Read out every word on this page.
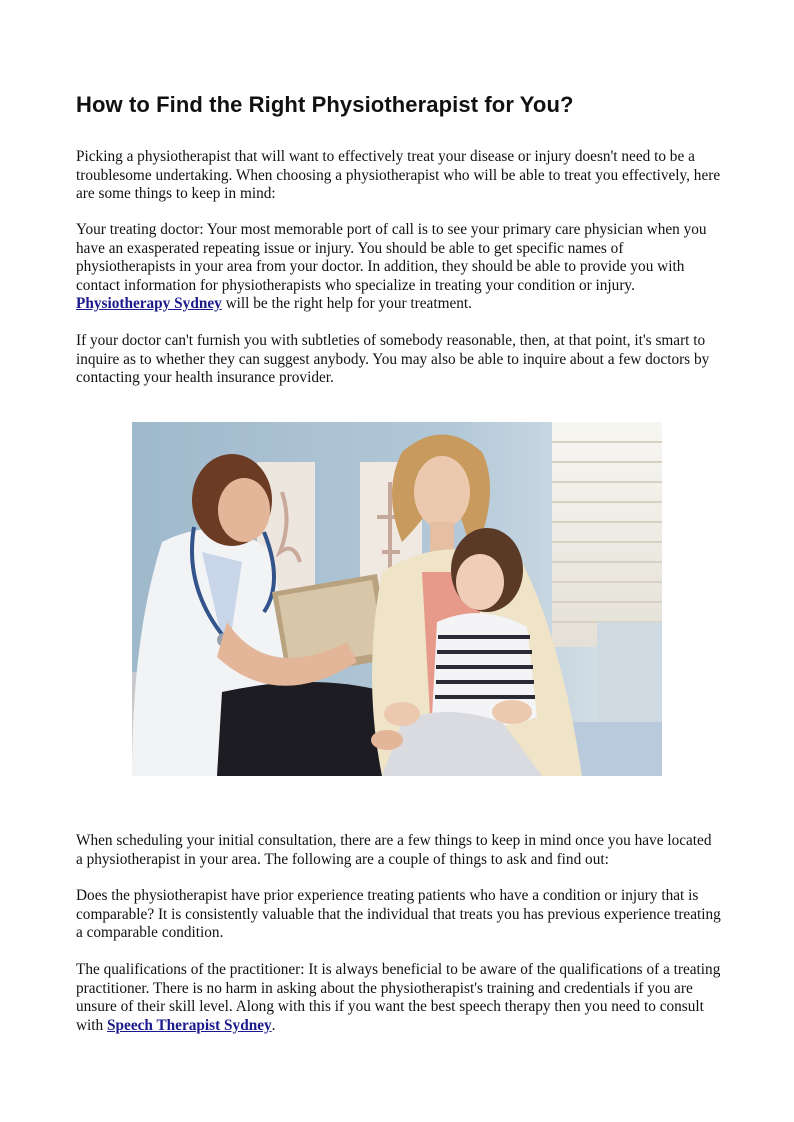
How to Find the Right Physiotherapist for You?

Picking a physiotherapist that will want to effectively treat your disease or injury doesn't need to be a troublesome undertaking. When choosing a physiotherapist who will be able to treat you effectively, here are some things to keep in mind:

Your treating doctor: Your most memorable port of call is to see your primary care physician when you have an exasperated repeating issue or injury. You should be able to get specific names of physiotherapists in your area from your doctor. In addition, they should be able to provide you with contact information for physiotherapists who specialize in treating your condition or injury. Physiotherapy Sydney will be the right help for your treatment.

If your doctor can't furnish you with subtleties of somebody reasonable, then, at that point, it's smart to inquire as to whether they can suggest anybody. You may also be able to inquire about a few doctors by contacting your health insurance provider.

When scheduling your initial consultation, there are a few things to keep in mind once you have located a physiotherapist in your area. The following are a couple of things to ask and find out:

Does the physiotherapist have prior experience treating patients who have a condition or injury that is comparable? It is consistently valuable that the individual that treats you has previous experience treating a comparable condition.

The qualifications of the practitioner: It is always beneficial to be aware of the qualifications of a treating practitioner. There is no harm in asking about the physiotherapist's training and credentials if you are unsure of their skill level. Along with this if you want the best speech therapy then you need to consult with Speech Therapist Sydney.
